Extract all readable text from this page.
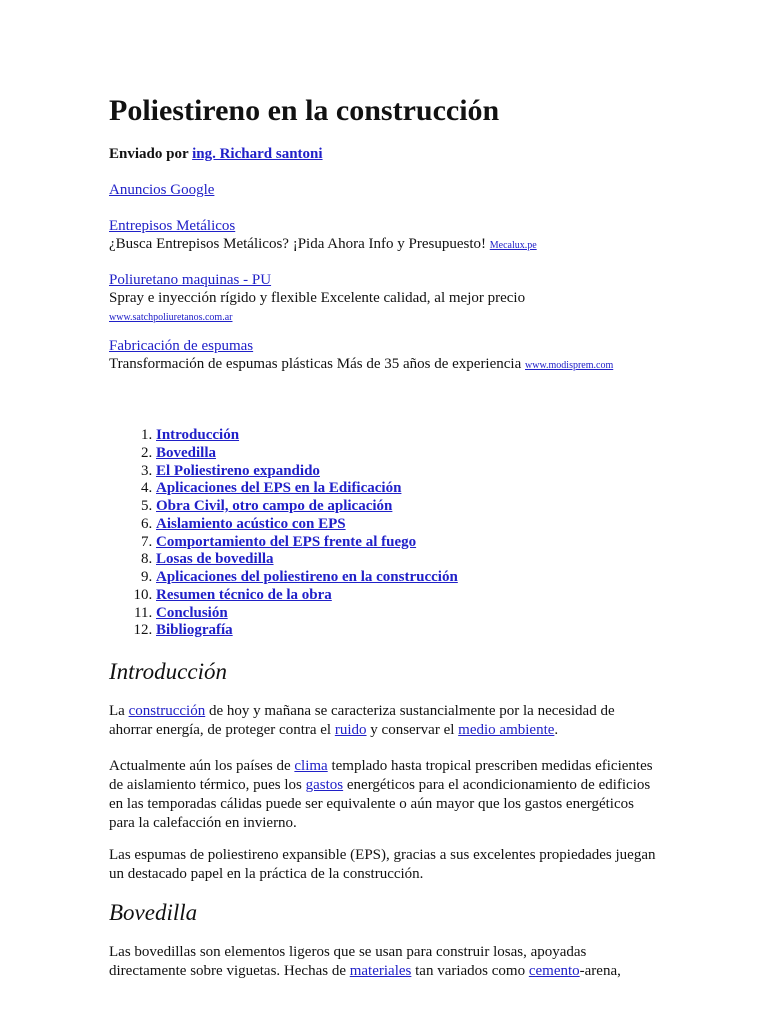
Poliestireno en la construcción
Enviado por ing. Richard santoni
Anuncios Google
Entrepisos Metálicos
¿Busca Entrepisos Metálicos? ¡Pida Ahora Info y Presupuesto! Mecalux.pe
Poliuretano maquinas - PU
Spray e inyección rígido y flexible Excelente calidad, al mejor precio
www.satchpoliuretanos.com.ar
Fabricación de espumas
Transformación de espumas plásticas Más de 35 años de experiencia www.modisprem.com
1. Introducción
2. Bovedilla
3. El Poliestireno expandido
4. Aplicaciones del EPS en la Edificación
5. Obra Civil, otro campo de aplicación
6. Aislamiento acústico con EPS
7. Comportamiento del EPS frente al fuego
8. Losas de bovedilla
9. Aplicaciones del poliestireno en la construcción
10. Resumen técnico de la obra
11. Conclusión
12. Bibliografía
Introducción

La construcción de hoy y mañana se caracteriza sustancialmente por la necesidad de ahorrar energía, de proteger contra el ruido y conservar el medio ambiente.

Actualmente aún los países de clima templado hasta tropical prescriben medidas eficientes de aislamiento térmico, pues los gastos energéticos para el acondicionamiento de edificios en las temporadas cálidas puede ser equivalente o aún mayor que los gastos energéticos para la calefacción en invierno.

Las espumas de poliestireno expansible (EPS), gracias a sus excelentes propiedades juegan un destacado papel en la práctica de la construcción.

Bovedilla

Las bovedillas son elementos ligeros que se usan para construir losas, apoyadas directamente sobre viguetas. Hechas de materiales tan variados como cemento-arena,
